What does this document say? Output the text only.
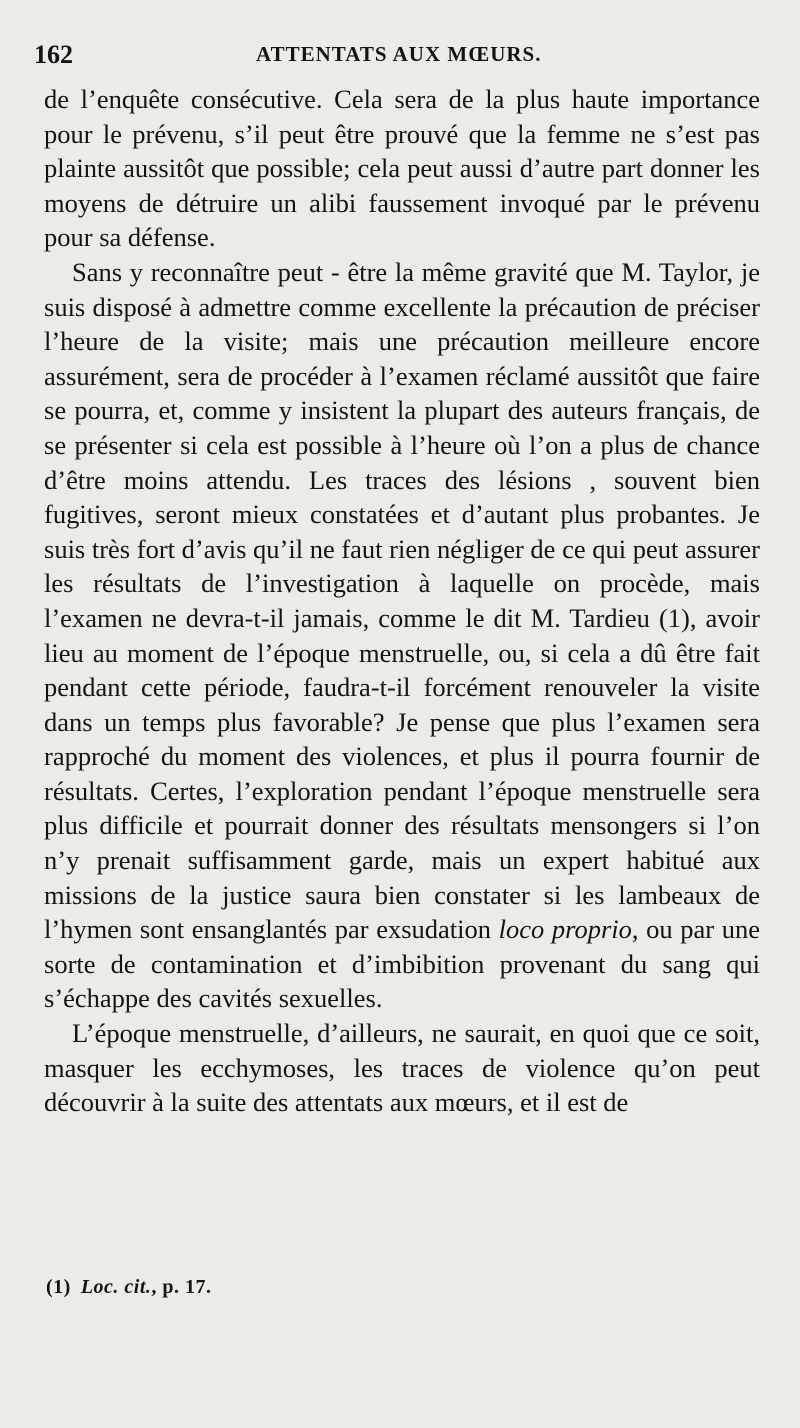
162	ATTENTATS AUX MŒURS.

de l’enquête consécutive. Cela sera de la plus haute importance pour le prévenu, s’il peut être prouvé que la femme ne s’est pas plainte aussitôt que possible; cela peut aussi d’autre part donner les moyens de détruire un alibi faussement invoqué par le prévenu pour sa défense.

Sans y reconnaître peut - être la même gravité que M. Taylor, je suis disposé à admettre comme excellente la précaution de préciser l’heure de la visite; mais une précaution meilleure encore assurément, sera de procéder à l’examen réclamé aussitôt que faire se pourra, et, comme y insistent la plupart des auteurs français, de se présenter si cela est possible à l’heure où l’on a plus de chance d’être moins attendu. Les traces des lésions , souvent bien fugitives, seront mieux constatées et d’autant plus probantes. Je suis très fort d’avis qu’il ne faut rien négliger de ce qui peut assurer les résultats de l’investigation à laquelle on procède, mais l’examen ne devra-t-il jamais, comme le dit M. Tardieu (1), avoir lieu au moment de l’époque menstruelle, ou, si cela a dû être fait pendant cette période, faudra-t-il forcément renouveler la visite dans un temps plus favorable? Je pense que plus l’examen sera rapproché du moment des violences, et plus il pourra fournir de résultats. Certes, l’exploration pendant l’époque menstruelle sera plus difficile et pourrait donner des résultats mensongers si l’on n’y prenait suffisamment garde, mais un expert habitué aux missions de la justice saura bien constater si les lambeaux de l’hymen sont ensanglantés par exsudation loco proprio, ou par une sorte de contamination et d’imbibition provenant du sang qui s’échappe des cavités sexuelles.

L’époque menstruelle, d’ailleurs, ne saurait, en quoi que ce soit, masquer les ecchymoses, les traces de violence qu’on peut découvrir à la suite des attentats aux mœurs, et il est de

(1) Loc. cit., p. 17.
